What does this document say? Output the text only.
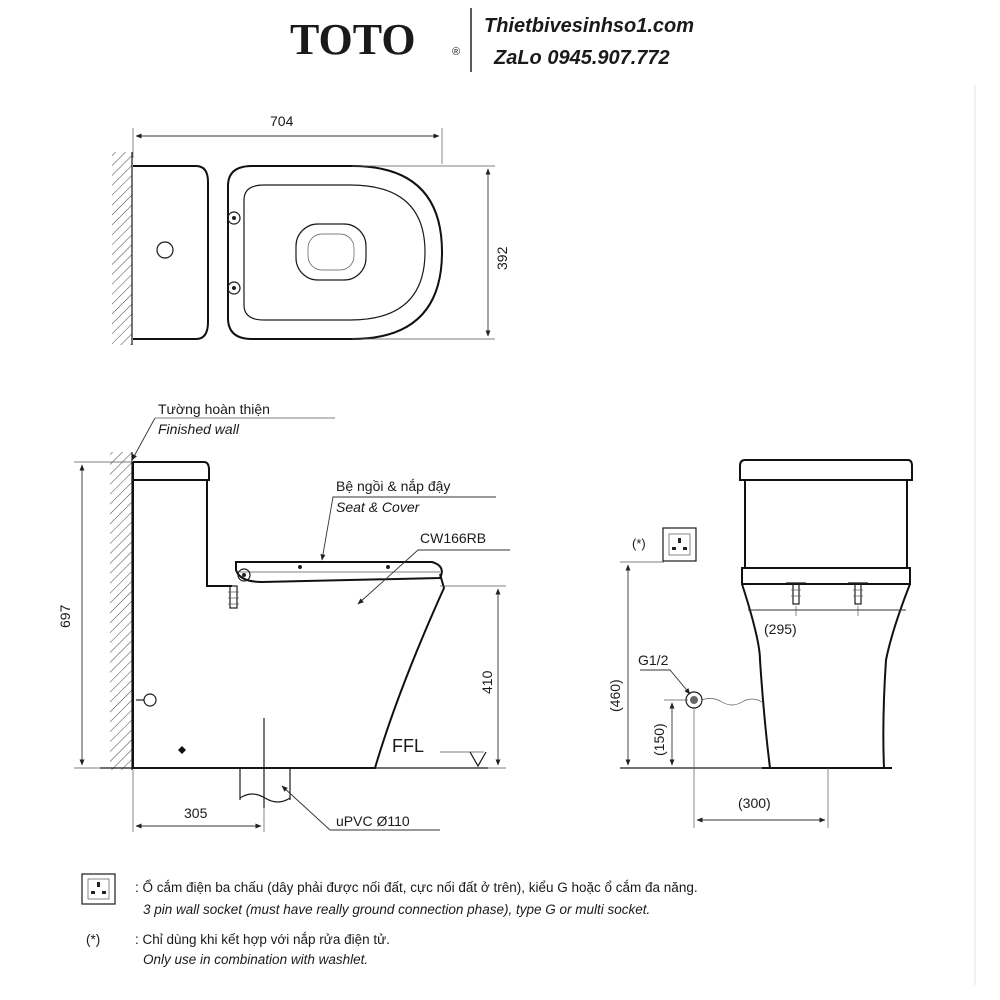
TOTO	®
Thietbivesinhso1.com
ZaLo 0945.907.772
704
392
Tường hoàn thiện
Finished wall
Bệ ngồi & nắp đậy
Seat & Cover
CW166RB
697
410
FFL
305	uPVC Ø110
(*)
(295)
(460)
G1/2
(150)
(300)
: Ổ cắm điện ba chấu (dây phải được nối đất, cực nối đất ở trên), kiểu G hoặc ổ cắm đa năng.
3 pin wall socket (must have really ground connection phase), type G or multi socket.
(*)	: Chỉ dùng khi kết hợp với nắp rửa điện tử.
Only use in combination with washlet.
